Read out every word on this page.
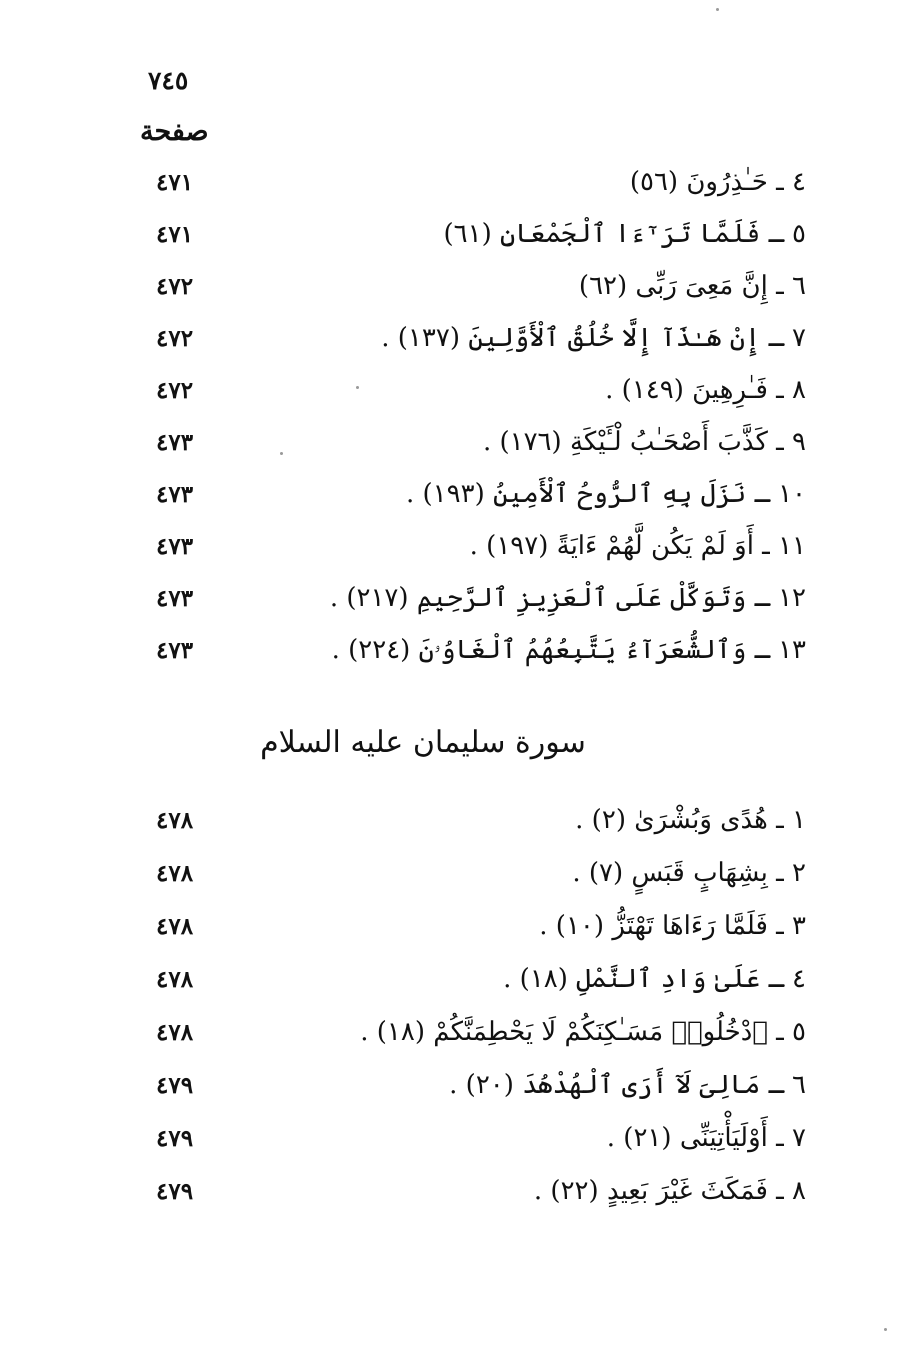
٧٤٥
صفحة
٤ ـ حَـٰذِرُونَ (٥٦)
٤٧١
٥ ـ فَلَمَّا تَرَ ٰٓءَا ٱلْجَمْعَانِ (٦١)
٤٧١
٦ ـ إِنَّ مَعِىَ رَبِّى (٦٢)
٤٧٢
٧ ـ إِنْ هَـٰذَآ إِلَّا خُلُقُ ٱلْأَوَّلِينَ (١٣٧) .
٤٧٢
٨ ـ فَـٰرِهِينَ (١٤٩) .
٤٧٢
٩ ـ كَذَّبَ أَصْحَـٰبُ لْـَٔيْكَةِ (١٧٦) .
٤٧٣
١٠ ـ نَزَلَ بِهِ ٱلرُّوحُ ٱلْأَمِينُ (١٩٣) .
٤٧٣
١١ ـ أَوَ لَمْ يَكُن لَّهُمْ ءَايَةً (١٩٧) .
٤٧٣
١٢ ـ وَتَوَكَّلْ عَلَى ٱلْعَزِيزِ ٱلرَّحِيمِ (٢١٧) .
٤٧٣
١٣ ـ وَٱلشُّعَرَآءُ يَتَّبِعُهُمُ ٱلْغَاوُۥنَ (٢٢٤) .
٤٧٣
سورة سليمان عليه السلام
١ ـ هُدًى وَبُشْرَىٰ (٢) .
٤٧٨
٢ ـ بِشِهَابٍ قَبَسٍ (٧) .
٤٧٨
٣ ـ فَلَمَّا رَءَاهَا تَهْتَزُّ (١٠) .
٤٧٨
٤ ـ عَلَىٰ وَادِ ٱلنَّمْلِ (١٨) .
٤٧٨
٥ ـ ٱدْخُلُوا۟ مَسَـٰكِنَكُمْ لَا يَحْطِمَنَّكُمْ (١٨) .
٤٧٨
٦ ـ مَالِىَ لَآ أَرَى ٱلْهُدْهُدَ (٢٠) .
٤٧٩
٧ ـ أَوْلَيَأْتِيَنِّى (٢١) .
٤٧٩
٨ ـ فَمَكَثَ غَيْرَ بَعِيدٍ (٢٢) .
٤٧٩
